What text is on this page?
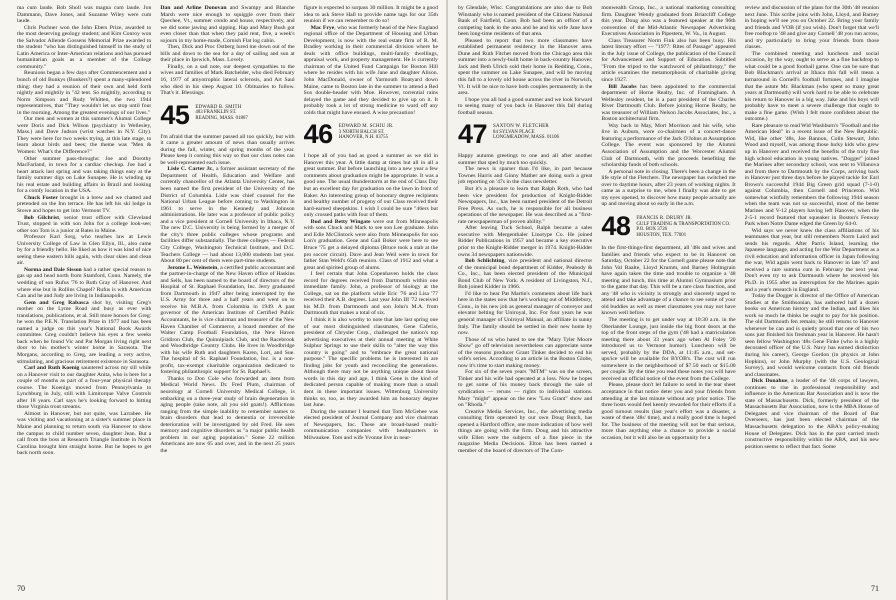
ma cum laude. Bob Sholl was magna cum laude. Jon Dammann, Dave Jones, and Suzanne Wiley were cum laude.

Chris Puchner won the John Ebers Prize, awarded to the most deserving geology student; and Kim Conroy won the Salvador Allende Gossens Memorial Prize awarded to the student "who has distinguished himself in the study of Latin America or Inter-American relations and has pursued humanitarian goals as a member of the College community."

Reunions began a few days after Commencement and a bunch of old Bunkys (Bunkers?) spent a many-splendored thing: they had a reunion of their own and held forth nightly and mightily in "42 tent. So mightily, according to Norm Simpson and Rudy Whitten, the two 1944 representatives, that "They wouldn't let us stop until four in the morning. Among the greatest evenings of our lives."

Our men and women at this summer's Alumni College were Doris and Dick Wilson (psychiatry in Wellesley, Mass.) and Dave Judson (wrist watches in N.Y. City). They were here for two weeks trying, at this late stage, to learn about birds and bees; the theme was "Men & Women: What's the Difference?"

Other summer pass-throughs: Joe and Dorothy MacFarland, in town for a cardiac checkup. Joe had a heart attack last spring and was taking things easy at the family summer digs on Lake Sunapee. He is winding up his real estate and building affairs in Brazil and looking for a comfy location in the USA.

Chuck Foster brought in a brew and we chatted and pretended on the Inn terrace. He has left his ski lodge in Stowe and hopes to get into Vermont TV.

Bob Gilchrist, senior trust officer with Cleveland Trust, stopped in with son John for a college look-see; other son Tom is a junior at Bates in Maine.

Professor Karl Sorg, who teaches law at Lewis University College of Law in Glen Ellyn, Ill., also came by for a friendly hello. He liked as how it was kind of nice seeing these eastern hills again, with clear skies and clean air.

Norma and Dale Sisson had a rather special reason to gas up and head north from Stamford, Conn. Namely, the wedding of son Rufus '76 to Ruth Gray of Hanover. And where else but in Rollins Chapel? Rufus is with American Can and he and Judy are living in Indianapolis.

Gem and Greg Rabasca shot by, visiting Greg's mother on the Lyme Road and busy as ever with translations, publications, et al. Still more honors for Greg: he won the P.E.N. Translation Prize in 1977 and has been named a judge on this year's National Book Awards committee. Greg couldn't believe his eyes a few weeks back when he found Vic and Pat Morgan living right next door to his mother's winter home in Sarasota. The Morgans, according to Greg, are leading a very active, stimulating, and gracious retirement existence in Sarasota.

Carl and Ruth Koenig sauntered across my sill while on a Hanover visit to our daughter Anita, who is here for a couple of months as part of a four-year physical therapy course. The Koenigs moved from Pennsylvania to Lynchburg in July, still with Limitorque Valve Controls after 18 years. Carl says he's looking forward to hitting those Virginia trout streams.

Almost in Hanover, but not quite, was Larrabee. He was visiting and vacationing at a sister's summer place in Maine and planning to return south via Hanover to show the campus to child number seven, daughter Jean. But a call from the boss at Research Triangle Institute in North Carolina brought him straight home. But he hopes to get back north soon.

Dan and Arline Donovan and Swampy and Blanche Marsh were nice enough to squiggle over from their Quechee, Vt., summer condo and house, respectively, and we did some jawing and sipping. Hap and Mary Bush got even closer than that when they paid rent, five, a week's sojourn in my home-made, Cornish Flat log cabin.

Then, Dick and Proc Ostberg lured me down out of the hills and down to the sea for a day of sailing and sun at their place in Ipswich, Mass. Lovely.

Finally, on a sad note, our deepest sympathies to the wives and families of Mark Batchelder, who died February 16, 1977 of amyotrophic lateral sclerosis, and Art Saul who died in his sleep August 10. Obituaries to follow. That's it. Blessings.

45 EDWARD B. SMITH
483 FRANKLIN ST.
READING, MASS. 01867

I'm afraid that the summer passed all too quickly, but with it came a greater amount of news than usually arrives during the fall, winter, and spring months of the year. Please keep it coming this way so that our class notes can be well-represented each issue.

Lisle C. Carter Jr., a former assistant secretary of the Department of Health, Education and Welfare and currently chancellor of the Atlanta University Center, has been named the first president of the University of the District of Columbia. Lisle was chief counsel for the National Urban League before coming to Washington in 1961 to serve in the Kennedy and Johnson administrations. He later was a professor of public policy and a vice president at Cornell University in Ithaca, N.Y. The new D.C. University is being formed by a merger of the city's three public colleges whose programs and facilities differ substantially. The three colleges — Federal City College, Washington Technical Institute, and D.C. Teachers College — had about 13,000 students last year. About 80 per cent of them were part-time students.

Jerome L. Weinstein, a certified public accountant and the partner-in-charge of the New Haven office of Haskins and Sells, has been named to the board of directors of the Hospital of St. Raphael Foundation, Inc. Jerry graduated from Dartmouth in 1947 after being interrupted by the U.S. Army for three and a half years and went on to receive his M.B.A. from Columbia in 1949. A past governor of the American Institute of Certified Public Accountants, he is vice chairman and treasurer of the New Haven Chamber of Commerce, a board member of the Walter Camp Football Foundation, the New Haven Gridiron Club, the Quinnipiack Club, and the Racebrook and Woodbridge Country Clubs. He lives in Woodbridge with his wife Ruth and daughters Karen, Lori, and Sue. The hospital of St. Raphael Foundation, Inc. is a non-profit, tax-exempt charitable organization dedicated to fostering philanthropic support for St. Raphael's.

Thanks to Don Cole who forwarded an item from Medical World News. Dr. Fred Plum, chairman of neurology at Cornell University Medical College, is embarking on a three-year study of brain degeneration in aging people (take note, all you old goats!). Afflictions ranging from the simple inability to remember names to brain disorders that lead to dementia or irreversible deterioration will be investigated by old Fred. He sees memory and cognitive disorders as "a major public health problem in our aging population." Some 22 million Americans are now 65 and over, and in the next 25 years the

figure is expected to surpass 30 million. It might be a good idea to ask Steve Hall to provide name tags for our 35th reunion if we can remember to do so!

Mac Frye, who was formerly head of the New England regional office of the Department of Housing and Urban Development, is now with the real estate firm of R. M. Bradley working in their commercial division where he deals with office buildings, multi-family dwellings, appraisal work, and property management. He is currently chairman of the United Fund Campaign for Boston Hill where he resides with his wife Jane and daughter Alison. John MacDonald, owner of Yarmouth Boatyard down Maine, came to Boston late in the summer to attend a Red Sox double-header with Moe. However, torrential rains delayed the game and they decided to give up on it. It probably took a lot of strong medicine to ward off any colds that might have ensued. A wise precaution!

46 EDWARD M. SCHIU JR.
3 NORTH BALCH ST.
HANOVER, N.H. 03755

I hope all of you had as good a summer as we did in Hanover this year. A little damp at times but all in all a great summer. But before launching into a new year a few comments about graduation might be appropriate. It was a good one. The usual thunderstorm at the end of Class Day but an excellent day for graduation on the lawn in front of Baker. An interesting group of honorary degree recipients and healthy number of progeny of our Class received their hard-earned sheepskins. I wish I could be sure "46ers but only crossed paths with four of them.

Bud and Betty Wingate were out from Minneapolis with sons Chuck and Mark to see son Lee graduate. John and Edie McClintock were also from Minneapolis for son Lon's graduation. Gene and Gail Boker were here to see Bruce '75 get a delayed diploma (Bruce took a stab at the pro soccer circuit). Dave and Jean Weil were in town for father Stan Weld's 65th reunion. Class of 1912 and what a great and spirited group of alums.

I feel certain that John Copenhaven holds the class record for degrees received from Dartmouth within one immediate family. John, a professor of biology at the College, sat on the platform while Eric '76 and Lisa '77 received their A.B. degrees. Last year John III '72 received his M.D. from Dartmouth and son John's M.A. from Dartmouth that makes a total of six.

I think it is also worthy to note that late last spring one of our most distinguished classmates, Gene Caferio, president of Chrysler Corp., challenged the nation's top advertising executives at their annual meeting at White Sulphur Springs to use their skills to "alter the way this country is going" and to "embrace the great national purpose." The specific problems he is interested in are finding jobs for youth and reconciling the generations. Although there may not be anything unique about those words in this day and age, I think Gene is the kind of dedicated person capable of making more than a small dent in these important issues. Wittenburg University thinks so, too, as they awarded him an honorary degree last June.

During the summer I learned that Tom McGehee was elected president of Journal Company and vice chairman of Newspapers, Inc. These are broad-based multi-communication companies with headquarters in Milwaukee. Tom and wife Yvonne live in near-

70

by Glendale, Wisc. Congratulations are also due to Bob Winstanly who is named president of the Citizens National Bank of Fairfield, Conn. Bob had been an officer of a competing bank in the area and he and his wife Jane have been long-time residents of that area.

Pleased to report that two more classmates have established permanent residency in the Hanover area. Dune and Ruth Fitchet moved from the Chicago area this summer into a newly-built home in back-country Hanover. Jack and Beth Ulrich sold their home in Redding, Conn., spent the summer on Lake Sunapee, and will be moving this fall to a lovely old house across the river in Norwich, Vt. It will be nice to have both couples permanently in the area.

I hope you all had a good summer and we look forward to seeing many of you back in Hanover this fall during football season.

47 SAXTON W. FLETCHER
84 SYLVAN PLACE
LONGMEADOW, MASS. 01106

Happy autumn greetings to one and all after another summer that sped by much too quickly.

The news is sparser than I'd like, in part because Townes Harris and Ginny Mather are doing such a great job reporting on '47s in the class newsletter.

But it's a pleasure to learn that Ralph Roth, who had been vice president for production of Knight-Ridder Newspapers, Inc., has been named president of the Detroit Free Press. As such, he is responsible for all business operations of the newspaper. He was described as a "first-rate newspaperman of proven ability."

After leaving Tuck School, Ralph became a sales executive with Mergenthaler Linotype Co. He joined Ridder Publications in 1957 and became a key executive prior to the Knight-Ridder merger in 1974. Knight-Ridder owns 34 newspapers nationwide.

Bob Schlichting, vice president and national director of the municipal bond department of Kidder, Peabody & Co., Inc., has been elected president of the Municipal Bond Club of New York. A resident of Livingston, N.J., Bob joined Kidder in 1966.

I'd like to hear Pat Martin's comments about life back here in the states now that he's working out of Middlebury, Conn., in his new job as general manager of conveyor and elevator belting for Uniroyal, Inc. For four years he was general manager of Uniroyal Manual, an affiliate in sunny Italy. The family should be settled in their new home by now.

Those of us who hated to see the "Mary Tyler Moore Show" go off television nevertheless can appreciate some of the reasons producer Grant Tinker decided to end his wife's series. According to an article in the Boston Globe, now it's time to start making money.

For six of the seven years "MTM" was on the screen, Tinker and his wife had operated at a loss. Now he hopes to get some of his money back through the sale of syndication — reruns — rights to individual stations. Mary "might" appear on the new "Lou Grant" show and on "Rhoda."

Creative Media Services, Inc., the advertising media consulting firm operated by our own Doug Butch, has opened a Hartford office, one more indication of how well things are going with the firm. Doug and his attractive wife Ellen were the subjects of a fine piece in the magazine Media Decisions. Elton has been named a member of the board of directors of The Com-

monwealth Group, Inc., a national marketing consulting firm. Daughter Wendy graduated from Briarcliff College this year. Doug also was a featured speaker at the 96th convention of the Mid-Atlantic Newspaper Advertising Executives Association in Pipestem, W. Va., in August.

Class Treasurer Norm Fink also has been busy. His latest literary effort — "1977: Rites of Passage" appeared in the July issue of College, the publication of the Council for Advancement and Support of Education. Subtitled "From the tripod to the watchword of philanthropy," the article examines the metamorphosis of charitable giving since 1927.

Bill Jacobs has been appointed to the commercial department of Horne Realty, Inc. of Framingham. A Wellesley resident, he is a past president of the Charles River Dartmouth Club. Before joining Horne Realty, he was treasurer of William Nelson Jacobs Associates, Inc., a Boston architectural firm.

Way back in May, Mort Morrison and his wife, who live in Auburn, were co-chairmen of a concert-dance featuring a performance of the Jack O'Johns at Assumption College. The event was sponsored by the Alumni Association of Assumption and the Worcester Alumni Club of Dartmouth, with the proceeds benefiting the scholarship funds of both schools.

A personal note in closing. There's been a change in the life style of the Fletchers. The newspaper has switched me over to daytime hours, after 23 years of working nights. It came as a surprise to me, when I finally was able to get my eyes opened, to discover how many people actually are up and moving about so early in the a.m.

48 FRANCIS R. DRURY JR.
GULF TRADING & TRANSPORTATION CO.
P.O. BOX 3726
HOUSTON, TEX. 77001

In the first-things-first department, all '48s and wives and families and friends who expect to be in Hanover on Saturday, October 22 for the Cornell game please note that John Val Raalte, Lloyd Krumm, and Barney Holmgrain have again taken the time and trouble to organize a '48 meeting and lunch, this time at Alumni Gymnasium prior to the game that day. This will be a rare class function, and any '48 who is vicinity is strongly and sincerely urged to attend and take advantage of a chance to see some of your old buddies as well as meet classmates you may not have known well before.

The meeting is to get under way at 10:30 a.m. in the Oberlander Lounge, just inside the big front doors at the top of the front steps of the gym ('48 had a matriculation meeting there about 33 years ago when Al Foley '20 introduced us to Vermont humor). Luncheon will be served, probably by the DDA, at 11:45 a.m., and set-ups/ice will be available for BYOB's. The cost will run somewhere in the neighborhood of $7.50 each or $15.00 per couple. By the time you read these notes you will have received an official notice of the event from the College.

Please, please don't let failure to send in the tear sheet acceptance in that notice deter you and your friends from attending at the last minute without any prior notice. The three hosts would feel keenly rewarded for their efforts if a good turnout results (last year's effort was a disaster, a waste of these '48s' time), and a really good time is hoped for. The business of the meeting will not be that serious, more than anything else a chance to provide a social occasion, but it will also be an opportunity for a

review and discussion of the plans for the 30th '48 reunion next June. This scribe joins with John, Lloyd, and Barney in hoping we'll see you on October 22. Bring your family and friends and VOB (if you wish). Don't forget that we'll free rooftop to '48 and give any Cornell '48 you run across, and try particularly to bring your friends from those classes.

The combined meeting and luncheon and social occasion, by the way, ought to serve as a fine backdrop to what could be a good football game. One can be sure that Bob Blackman's arrival at Ithaca this fall will mean a turnaround in Cornell's football fortunes, and I imagine that the astute Mr. Blackman (who spent so many great years at Dartmouth) will work hard to be able to celebrate his return to Hanover in a big way. Jake and his boys will probably have to meet a severe challenge that ought to make a fine game. (Wish I felt more confident about the outcome.)

Rare pleasure to read Wid Washburn's "Football and the American Ideal" in a recent issue of the New Republic. Wid, like other '48s, Joe Bannon, Colin Stewart, John Wood and myself, was among those lucky kids who grew up in Hanover and received the benefits of the truly fine high school education in young natives. "Dogger" joined the Marines after secondary school, was sent to Villanova and from there to Dartmouth by the Corps, arriving back in Hanover just three days before he played tackle for Earl Brown's successful 1944 Big Green grid squad (7-1-0) against Columbia, then Cornell and Princeton. Wid somewhat wistfully remembers the following 1944 season when the team was not so successful, most of the better Marines and V-12 players having left Hanover, when the 2-5-1 record featured that squeaker in Boston's Fenway Park when Notre Dame edged the Green by 64-0.

Wid says we never knew the class affiliations of his teammates that year, but still remembers Norm Laird and sends his regards. After Parris Island, learning the Japanese language, and acting for the War Department as a civil education and information officer in Japan following the war, Wid again went back to Hanover in late '47 and received a rare summa cum in February the next year. Don't even try to ask Dartmouth where he received his Ph.D. in 1955 after an interruption for the Marines again and a year's research in England.

Today the Dogger is director of the Office of American Studies at the Smithsonian, has authored half a dozen books on American history and the Indian, and likes his work so much he thinks he ought to pay for his position. The old Dartmouth fen remain; he still returns to Hanover whenever he can and is quietly proud that one of his two sons just finished his freshman year in Hanover. He hasn't seen fellow Washington '48s Gene Finke (who is a highly decorated officer of the U.S. Navy has earned distinction during his career), George Gordon (in physics at John Hopkins), or John Murphy (with the U.S. Geological Survey), and would welcome contacts from old friends and classmates.

Dick Donahue, a leader of the '48 corps of lawyers, continues to rise in professional responsibility and influence in the American Bar Association and is now the state of Massachusetts. Dick, formerly president of the Massachusetts Bar Association, now is the MBA House of Delegates and vice chairman of the Board of Bar Overseers, has just been elected chairman of the Massachusetts delegation to the ABA's policy-making House of Delegates. Dick has in the past carried much constructive responsibility within the ABA, and his new position seems to reflect that fact. Some

71
